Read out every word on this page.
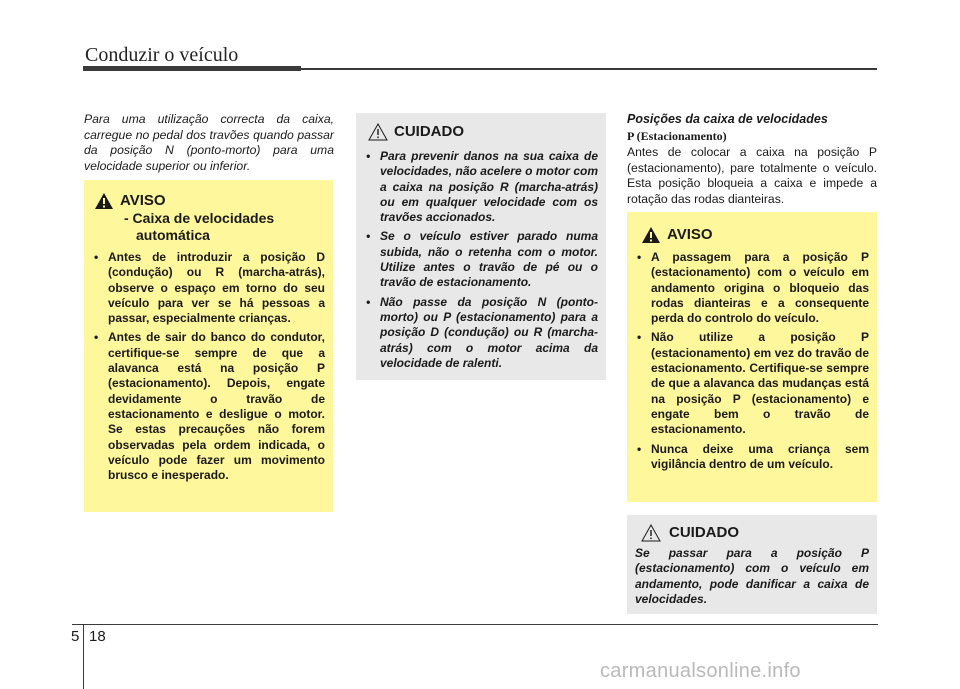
Conduzir o veículo
Para uma utilização correcta da caixa, carregue no pedal dos travões quando passar da posição N (ponto-morto) para uma velocidade superior ou inferior.
AVISO
- Caixa de velocidades
automática
• Antes de introduzir a posição D (condução) ou R (marcha-atrás), observe o espaço em torno do seu veículo para ver se há pessoas a passar, especialmente crianças.
• Antes de sair do banco do condutor, certifique-se sempre de que a alavanca está na posição P (estacionamento). Depois, engate devidamente o travão de estacionamento e desligue o motor. Se estas precauções não forem observadas pela ordem indicada, o veículo pode fazer um movimento brusco e inesperado.
CUIDADO
• Para prevenir danos na sua caixa de velocidades, não acelere o motor com a caixa na posição R (marcha-atrás) ou em qualquer velocidade com os travões accionados.
• Se o veículo estiver parado numa subida, não o retenha com o motor. Utilize antes o travão de pé ou o travão de estacionamento.
• Não passe da posição N (ponto-morto) ou P (estacionamento) para a posição D (condução) ou R (marcha-atrás) com o motor acima da velocidade de ralenti.
Posições da caixa de velocidades
P (Estacionamento)
Antes de colocar a caixa na posição P (estacionamento), pare totalmente o veículo. Esta posição bloqueia a caixa e impede a rotação das rodas dianteiras.
AVISO
• A passagem para a posição P (estacionamento) com o veículo em andamento origina o bloqueio das rodas dianteiras e a consequente perda do controlo do veículo.
• Não utilize a posição P (estacionamento) em vez do travão de estacionamento. Certifique-se sempre de que a alavanca das mudanças está na posição P (estacionamento) e engate bem o travão de estacionamento.
• Nunca deixe uma criança sem vigilância dentro de um veículo.
CUIDADO
Se passar para a posição P (estacionamento) com o veículo em andamento, pode danificar a caixa de velocidades.
5 18
carmanualsonline.info
